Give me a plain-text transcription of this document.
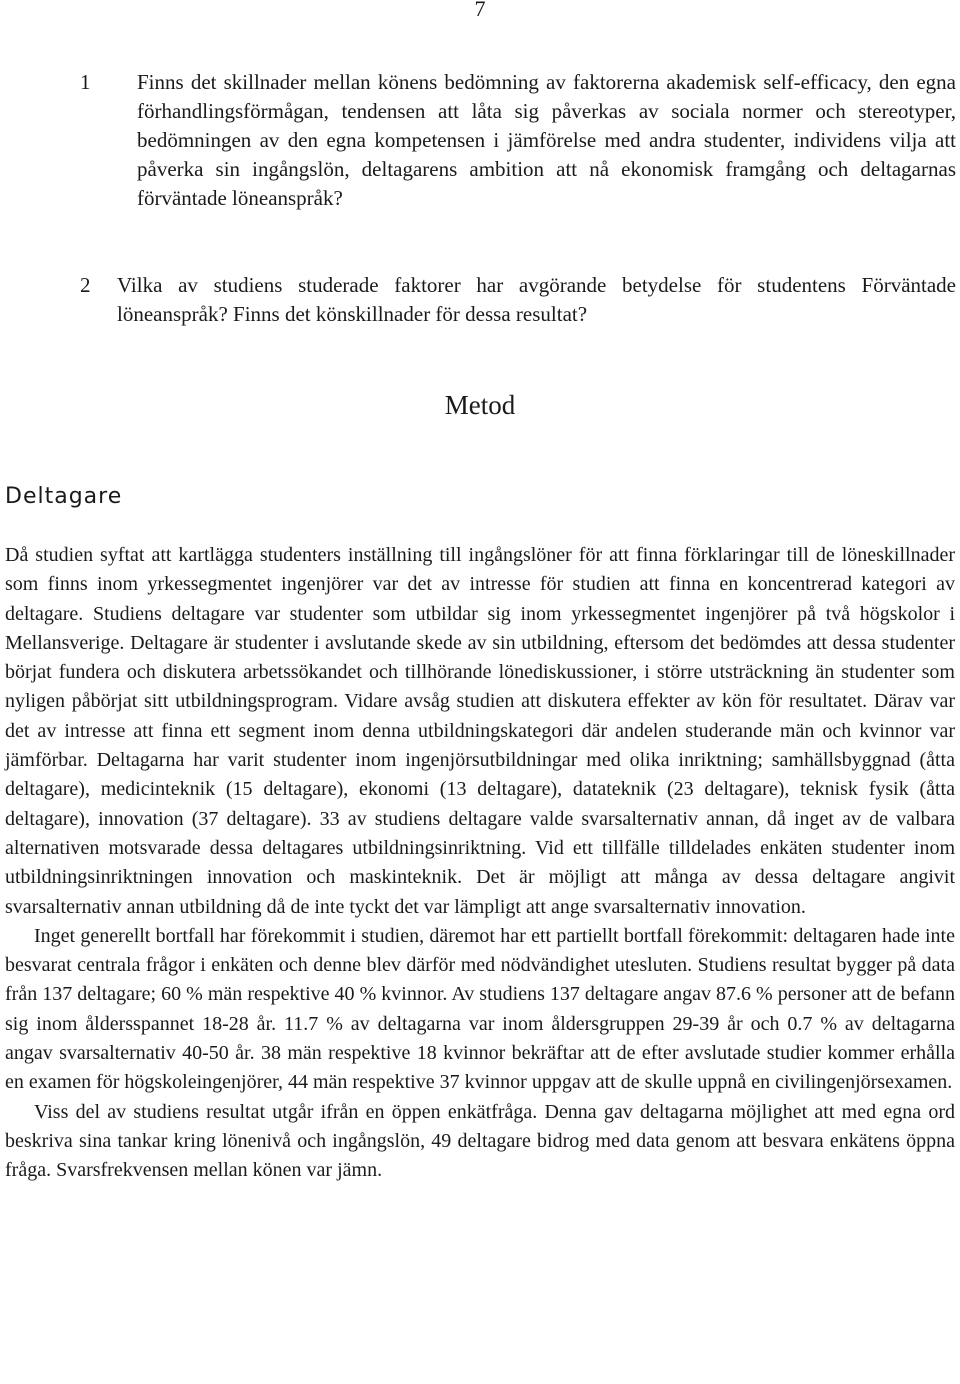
7
1	Finns det skillnader mellan könens bedömning av faktorerna akademisk self-efficacy, den egna förhandlingsförmågan, tendensen att låta sig påverkas av sociala normer och stereotyper, bedömningen av den egna kompetensen i jämförelse med andra studenter, individens vilja att påverka sin ingångslön, deltagarens ambition att nå ekonomisk framgång och deltagarnas förväntade löneanspråk?
2	Vilka av studiens studerade faktorer har avgörande betydelse för studentens Förväntade löneanspråk? Finns det könskillnader för dessa resultat?
Metod
Deltagare

Då studien syftat att kartlägga studenters inställning till ingångslöner för att finna förklaringar till de löneskillnader som finns inom yrkessegmentet ingenjörer var det av intresse för studien att finna en koncentrerad kategori av deltagare. Studiens deltagare var studenter som utbildar sig inom yrkessegmentet ingenjörer på två högskolor i Mellansverige. Deltagare är studenter i avslutande skede av sin utbildning, eftersom det bedömdes att dessa studenter börjat fundera och diskutera arbetssökandet och tillhörande lönediskussioner, i större utsträckning än studenter som nyligen påbörjat sitt utbildningsprogram. Vidare avsåg studien att diskutera effekter av kön för resultatet. Därav var det av intresse att finna ett segment inom denna utbildningskategori där andelen studerande män och kvinnor var jämförbar. Deltagarna har varit studenter inom ingenjörsutbildningar med olika inriktning; samhällsbyggnad (åtta deltagare), medicinteknik (15 deltagare), ekonomi (13 deltagare), datateknik (23 deltagare), teknisk fysik (åtta deltagare), innovation (37 deltagare). 33 av studiens deltagare valde svarsalternativ annan, då inget av de valbara alternativen motsvarade dessa deltagares utbildningsinriktning. Vid ett tillfälle tilldelades enkäten studenter inom utbildningsinriktningen innovation och maskinteknik. Det är möjligt att många av dessa deltagare angivit svarsalternativ annan utbildning då de inte tyckt det var lämpligt att ange svarsalternativ innovation.

Inget generellt bortfall har förekommit i studien, däremot har ett partiellt bortfall förekommit: deltagaren hade inte besvarat centrala frågor i enkäten och denne blev därför med nödvändighet utesluten. Studiens resultat bygger på data från 137 deltagare; 60 % män respektive 40 % kvinnor. Av studiens 137 deltagare angav 87.6 % personer att de befann sig inom åldersspannet 18-28 år. 11.7 % av deltagarna var inom åldersgruppen 29-39 år och 0.7 % av deltagarna angav svarsalternativ 40-50 år. 38 män respektive 18 kvinnor bekräftar att de efter avslutade studier kommer erhålla en examen för högskoleingenjörer, 44 män respektive 37 kvinnor uppgav att de skulle uppnå en civilingenjörsexamen.

Viss del av studiens resultat utgår ifrån en öppen enkätfråga. Denna gav deltagarna möjlighet att med egna ord beskriva sina tankar kring lönenivå och ingångslön, 49 deltagare bidrog med data genom att besvara enkätens öppna fråga. Svarsfrekvensen mellan könen var jämn.
